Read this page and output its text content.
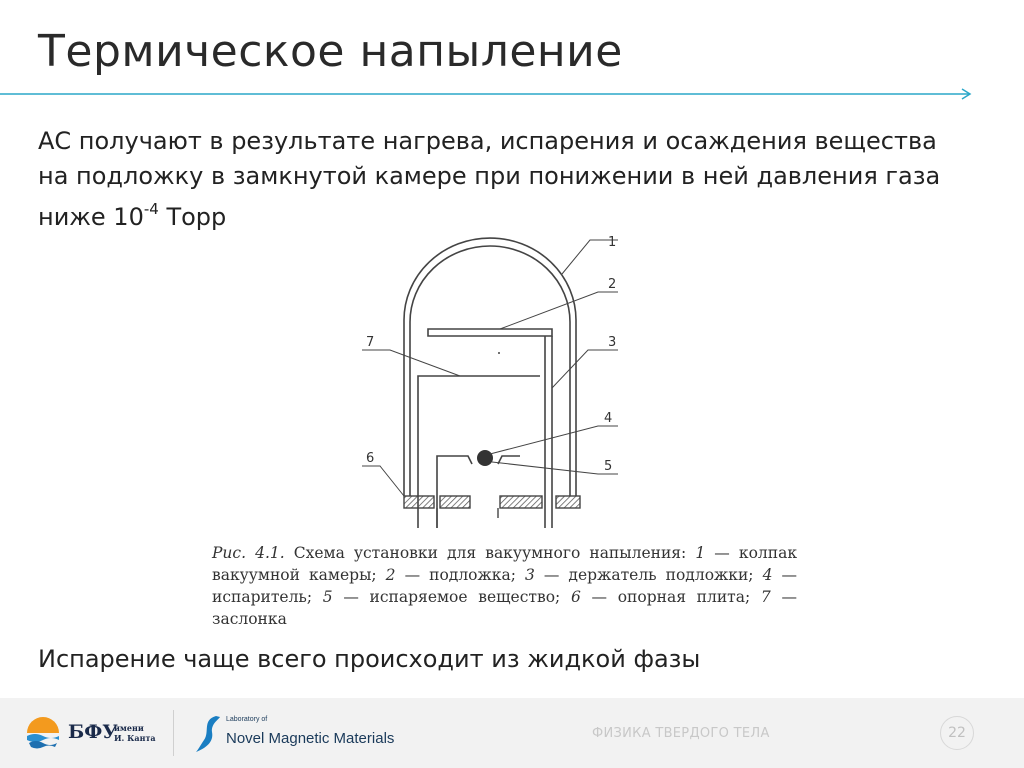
Термическое напыление
АС получают в результате нагрева, испарения и осаждения вещества
на подложку в замкнутой камере при понижении в ней давления газа
ниже $10^{-4}$ Торр
1
2
3
4
5
6
7
Рис. 4.1. Схема установки для вакуумного напыления: 1 — колпак вакуумной камеры; 2 — подложка; 3 — держатель подложки; 4 — испаритель; 5 — испаряемое вещество; 6 — опорная плита; 7 — заслонка
Испарение чаще всего происходит из жидкой фазы
БФУ
имени
И. Канта
Laboratory of
Novel Magnetic Materials	ФИЗИКА ТВЕРДОГО ТЕЛА	22
